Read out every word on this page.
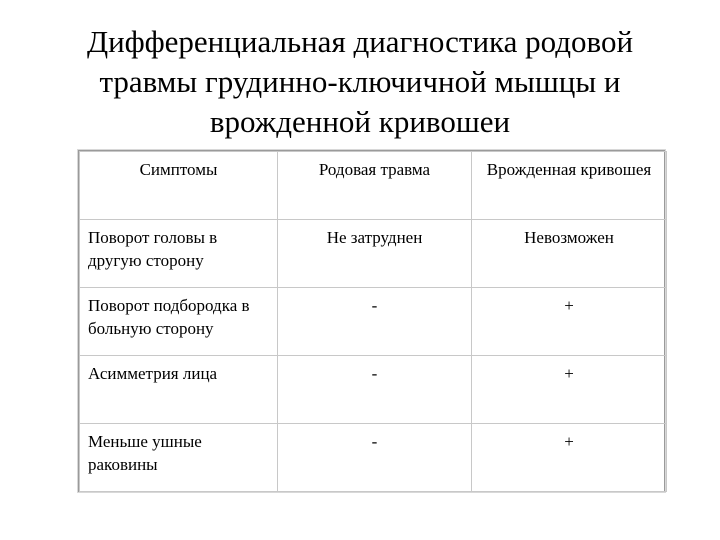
Дифференциальная диагностика родовой
травмы грудинно-ключичной мышцы и
врожденной кривошеи
Симптомы	Родовая травма	Врожденная кривошея
Поворот головы в другую сторону	Не затруднен	Невозможен
Поворот подбородка в больную сторону	-	+
Асимметрия лица	-	+
Меньше ушные раковины	-	+
